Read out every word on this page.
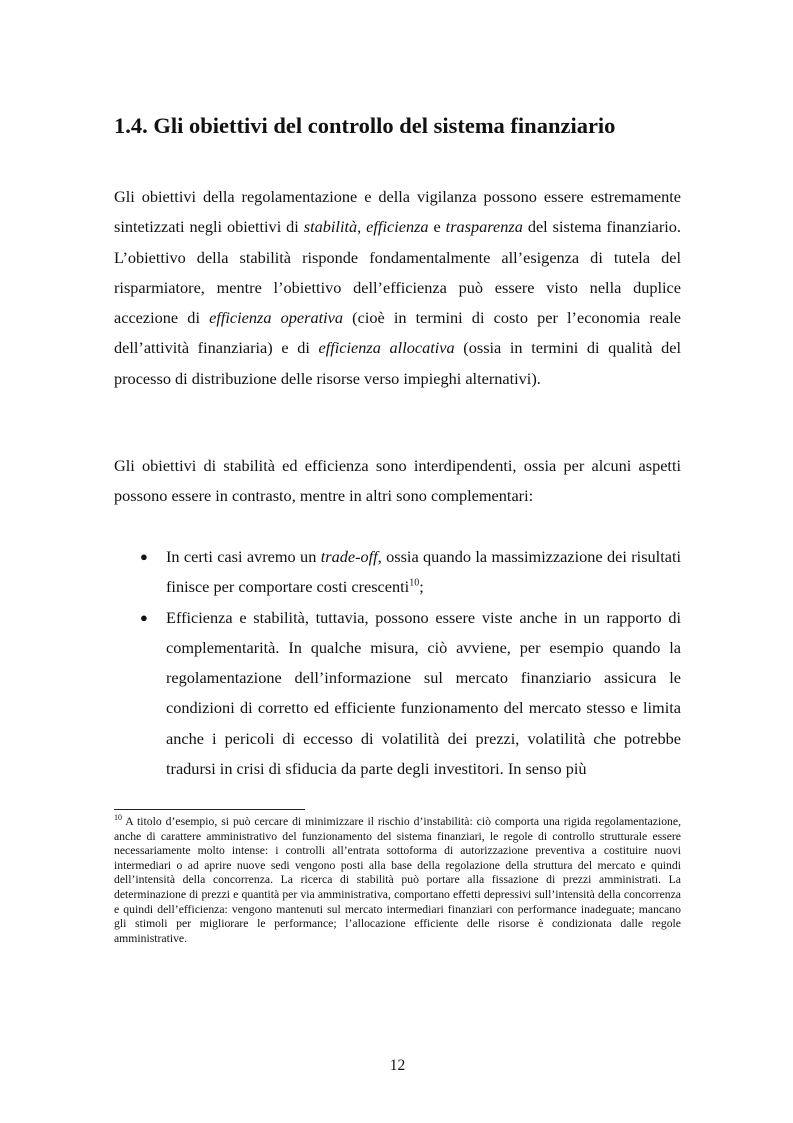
1.4. Gli obiettivi del controllo del sistema finanziario

Gli obiettivi della regolamentazione e della vigilanza possono essere estremamente sintetizzati negli obiettivi di stabilità, efficienza e trasparenza del sistema finanziario. L’obiettivo della stabilità risponde fondamentalmente all’esigenza di tutela del risparmiatore, mentre l’obiettivo dell’efficienza può essere visto nella duplice accezione di efficienza operativa (cioè in termini di costo per l’economia reale dell’attività finanziaria) e di efficienza allocativa (ossia in termini di qualità del processo di distribuzione delle risorse verso impieghi alternativi).

Gli obiettivi di stabilità ed efficienza sono interdipendenti, ossia per alcuni aspetti possono essere in contrasto, mentre in altri sono complementari:

● In certi casi avremo un trade-off, ossia quando la massimizzazione dei risultati finisce per comportare costi crescenti$^{10}$;
● Efficienza e stabilità, tuttavia, possono essere viste anche in un rapporto di complementarità. In qualche misura, ciò avviene, per esempio quando la regolamentazione dell’informazione sul mercato finanziario assicura le condizioni di corretto ed efficiente funzionamento del mercato stesso e limita anche i pericoli di eccesso di volatilità dei prezzi, volatilità che potrebbe tradursi in crisi di sfiducia da parte degli investitori. In senso più

$^{10}$ A titolo d’esempio, si può cercare di minimizzare il rischio d’instabilità: ciò comporta una rigida regolamentazione, anche di carattere amministrativo del funzionamento del sistema finanziari, le regole di controllo strutturale essere necessariamente molto intense: i controlli all’entrata sottoforma di autorizzazione preventiva a costituire nuovi intermediari o ad aprire nuove sedi vengono posti alla base della regolazione della struttura del mercato e quindi dell’intensità della concorrenza. La ricerca di stabilità può portare alla fissazione di prezzi amministrati. La determinazione di prezzi e quantità per via amministrativa, comportano effetti depressivi sull’intensità della concorrenza e quindi dell’efficienza: vengono mantenuti sul mercato intermediari finanziari con performance inadeguate; mancano gli stimoli per migliorare le performance; l’allocazione efficiente delle risorse è condizionata dalle regole amministrative.

12
